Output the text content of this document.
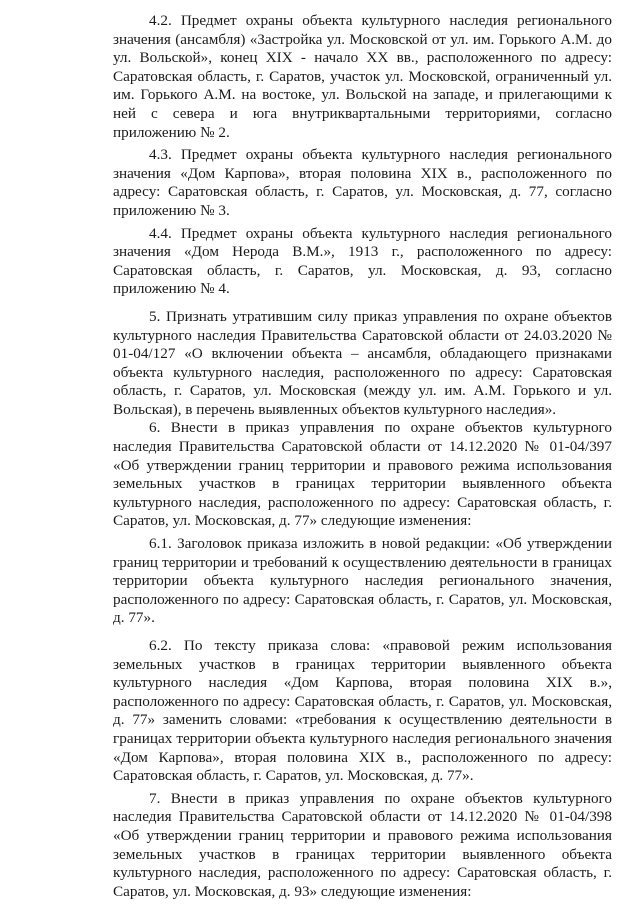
4.2. Предмет охраны объекта культурного наследия регионального значения (ансамбля) «Застройка ул. Московской от ул. им. Горького А.М. до ул. Вольской», конец XIX - начало XX вв., расположенного по адресу: Саратовская область, г. Саратов, участок ул. Московской, ограниченный ул. им. Горького А.М. на востоке, ул. Вольской на западе, и прилегающими к ней с севера и юга внутриквартальными территориями, согласно приложению № 2.

4.3. Предмет охраны объекта культурного наследия регионального значения «Дом Карпова», вторая половина XIX в., расположенного по адресу: Саратовская область, г. Саратов, ул. Московская, д. 77, согласно приложению № 3.

4.4. Предмет охраны объекта культурного наследия регионального значения «Дом Нерода В.М.», 1913 г., расположенного по адресу: Саратовская область, г. Саратов, ул. Московская, д. 93, согласно приложению № 4.

5. Признать утратившим силу приказ управления по охране объектов культурного наследия Правительства Саратовской области от 24.03.2020 № 01-04/127 «О включении объекта – ансамбля, обладающего признаками объекта культурного наследия, расположенного по адресу: Саратовская область, г. Саратов, ул. Московская (между ул. им. А.М. Горького и ул. Вольская), в перечень выявленных объектов культурного наследия».

6. Внести в приказ управления по охране объектов культурного наследия Правительства Саратовской области от 14.12.2020 № 01-04/397 «Об утверждении границ территории и правового режима использования земельных участков в границах территории выявленного объекта культурного наследия, расположенного по адресу: Саратовская область, г. Саратов, ул. Московская, д. 77» следующие изменения:

6.1. Заголовок приказа изложить в новой редакции: «Об утверждении границ территории и требований к осуществлению деятельности в границах территории объекта культурного наследия регионального значения, расположенного по адресу: Саратовская область, г. Саратов, ул. Московская, д. 77».

6.2. По тексту приказа слова: «правовой режим использования земельных участков в границах территории выявленного объекта культурного наследия «Дом Карпова, вторая половина XIX в.», расположенного по адресу: Саратовская область, г. Саратов, ул. Московская, д. 77» заменить словами: «требования к осуществлению деятельности в границах территории объекта культурного наследия регионального значения «Дом Карпова», вторая половина XIX в., расположенного по адресу: Саратовская область, г. Саратов, ул. Московская, д. 77».

7. Внести в приказ управления по охране объектов культурного наследия Правительства Саратовской области от 14.12.2020 № 01-04/398 «Об утверждении границ территории и правового режима использования земельных участков в границах территории выявленного объекта культурного наследия, расположенного по адресу: Саратовская область, г. Саратов, ул. Московская, д. 93» следующие изменения:
